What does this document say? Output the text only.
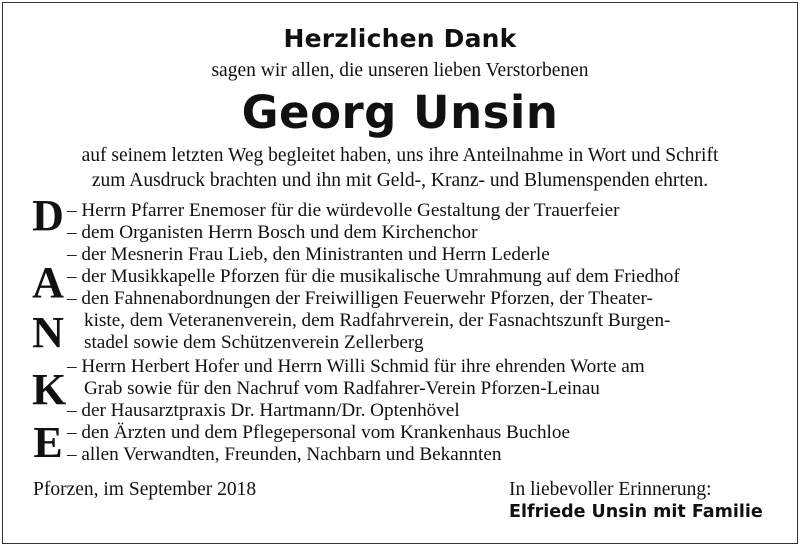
Herzlichen Dank
sagen wir allen, die unseren lieben Verstorbenen
Georg Unsin
auf seinem letzten Weg begleitet haben, uns ihre Anteilnahme in Wort und Schrift
zum Ausdruck brachten und ihn mit Geld-, Kranz- und Blumenspenden ehrten.
D
A
N
K
E
– Herrn Pfarrer Enemoser für die würdevolle Gestaltung der Trauerfeier
– dem Organisten Herrn Bosch und dem Kirchenchor
– der Mesnerin Frau Lieb, den Ministranten und Herrn Lederle
– der Musikkapelle Pforzen für die musikalische Umrahmung auf dem Friedhof
– den Fahnenabordnungen der Freiwilligen Feuerwehr Pforzen, der Theater-
kiste, dem Veteranenverein, dem Radfahrverein, der Fasnachtszunft Burgen-
stadel sowie dem Schützenverein Zellerberg
– Herrn Herbert Hofer und Herrn Willi Schmid für ihre ehrenden Worte am
Grab sowie für den Nachruf vom Radfahrer-Verein Pforzen-Leinau
– der Hausarztpraxis Dr. Hartmann/Dr. Optenhövel
– den Ärzten und dem Pflegepersonal vom Krankenhaus Buchloe
– allen Verwandten, Freunden, Nachbarn und Bekannten
Pforzen, im September 2018	In liebevoller Erinnerung:
Elfriede Unsin mit Familie
